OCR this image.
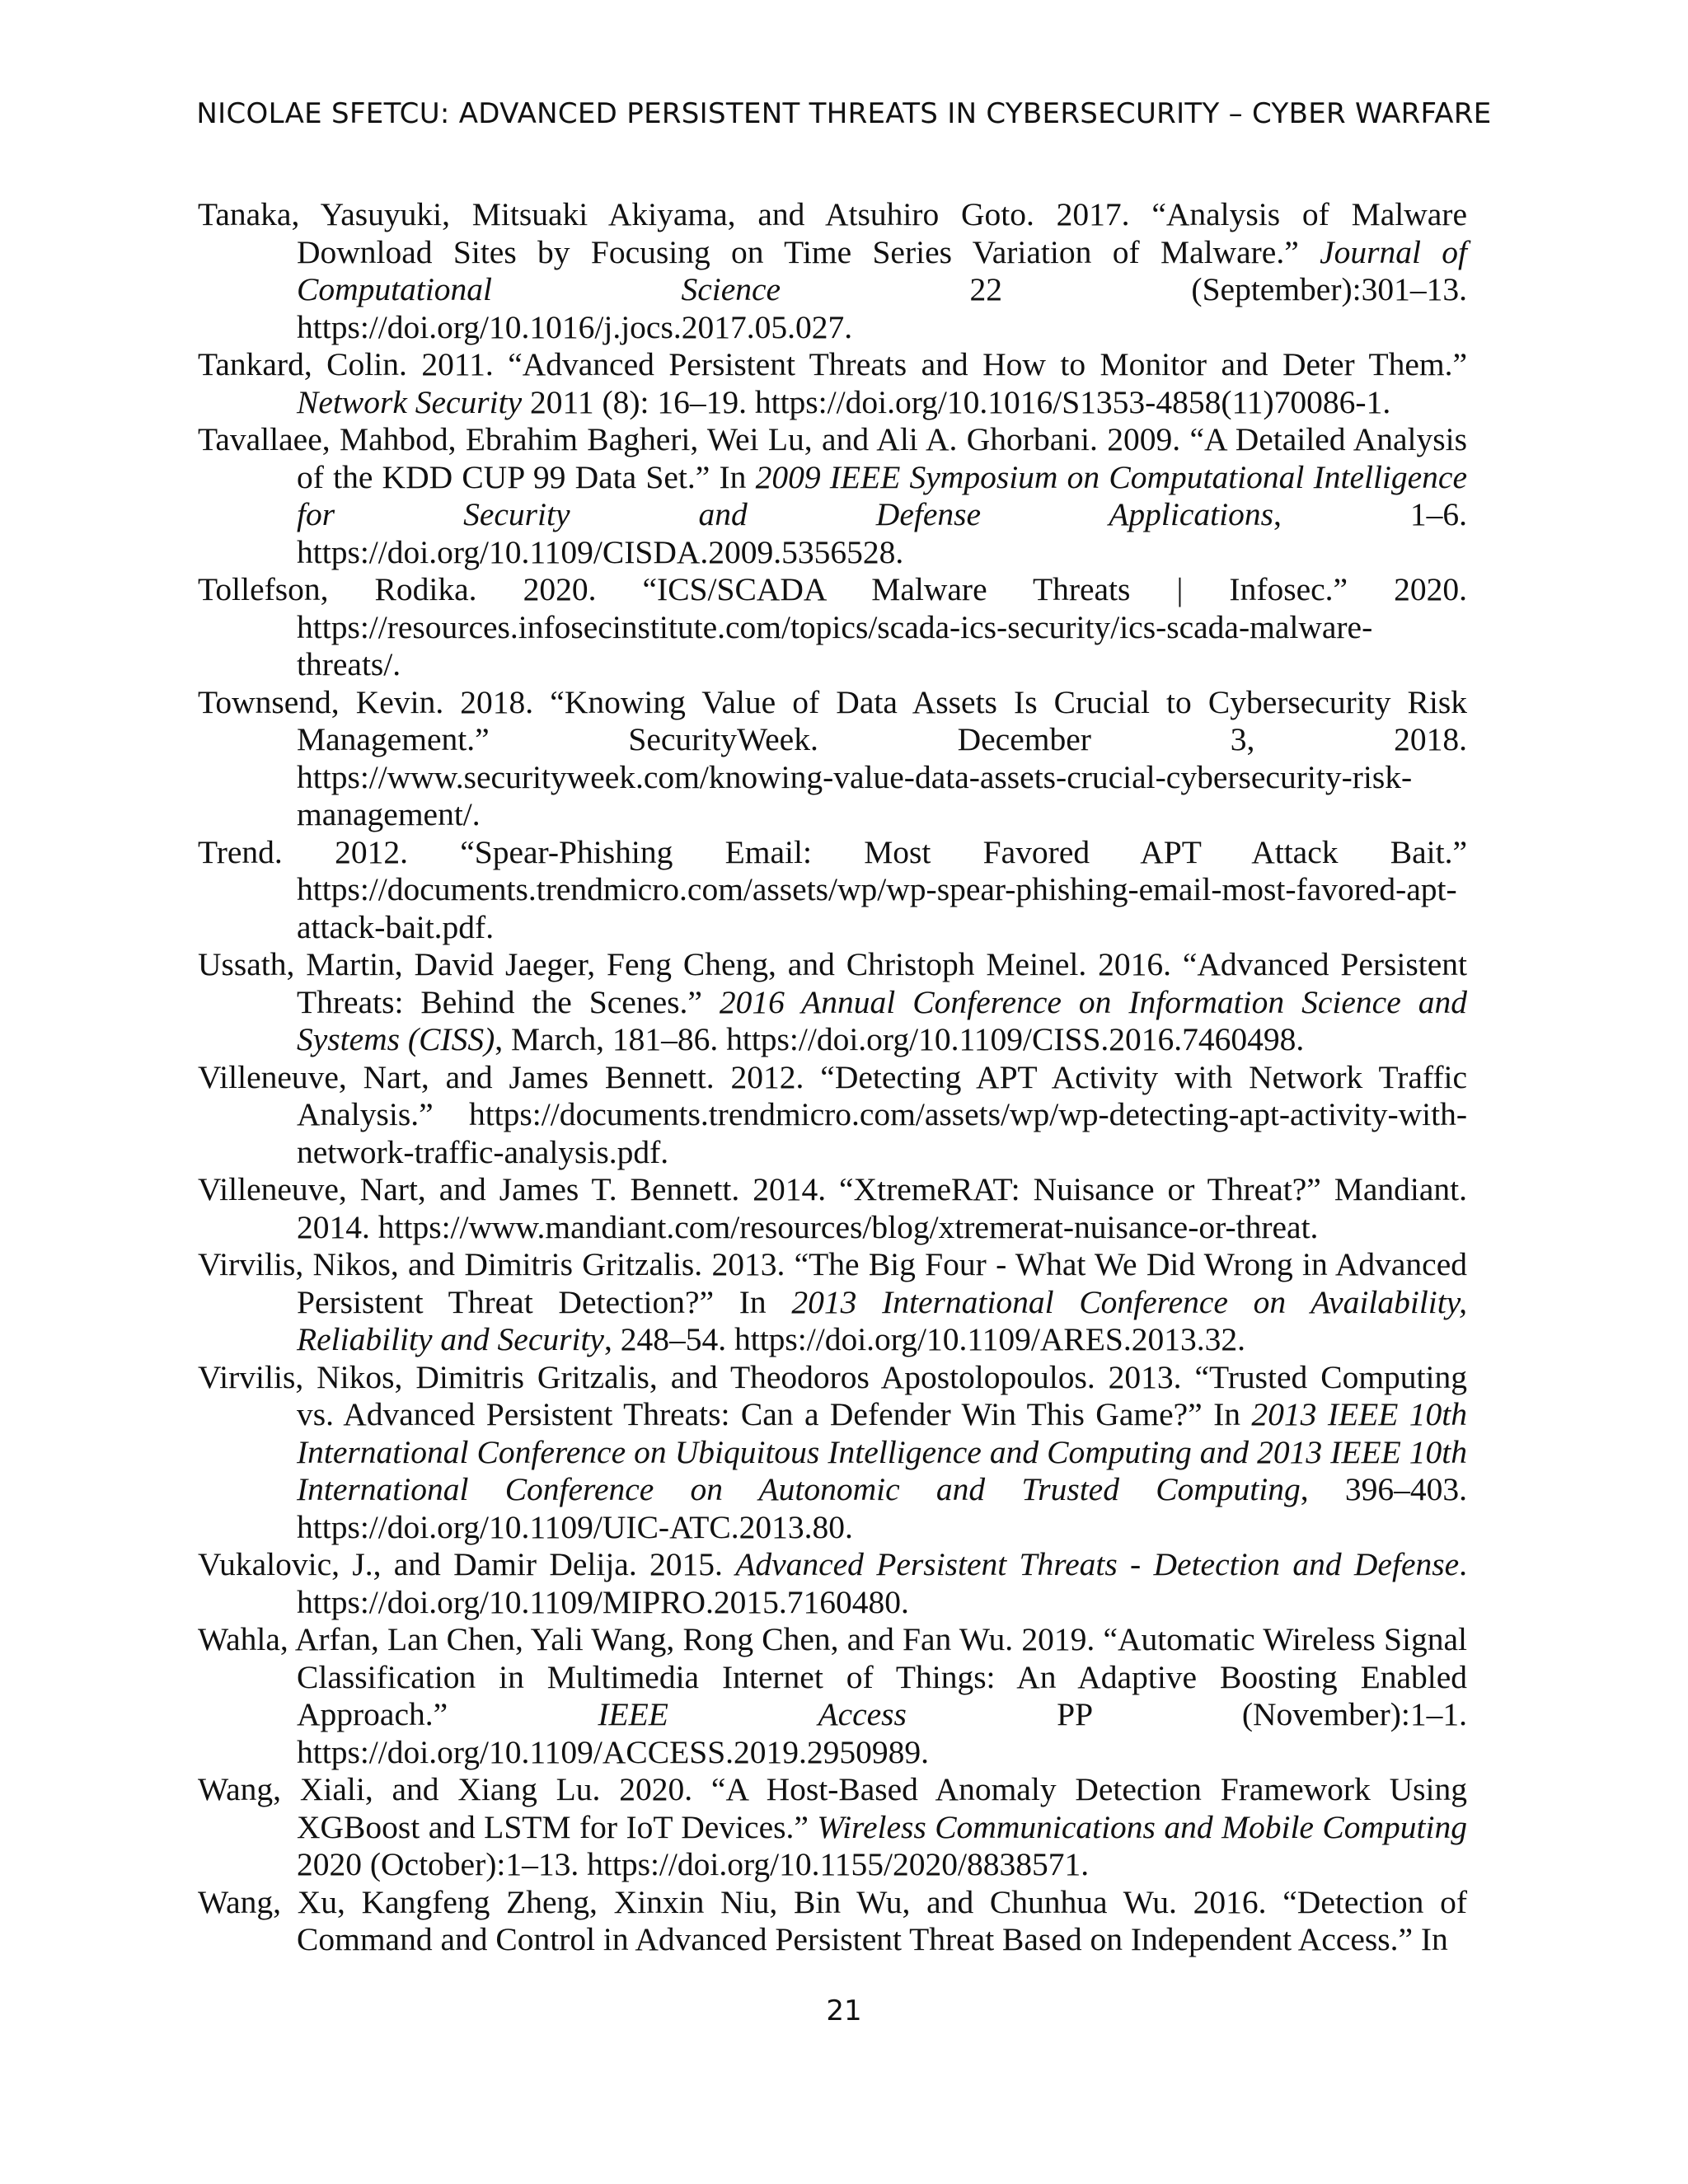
NICOLAE SFETCU: ADVANCED PERSISTENT THREATS IN CYBERSECURITY – CYBER WARFARE

Tanaka, Yasuyuki, Mitsuaki Akiyama, and Atsuhiro Goto. 2017. “Analysis of Malware Download Sites by Focusing on Time Series Variation of Malware.” Journal of Computational Science 22 (September):301–13. https://doi.org/10.1016/j.jocs.2017.05.027.

Tankard, Colin. 2011. “Advanced Persistent Threats and How to Monitor and Deter Them.” Network Security 2011 (8): 16–19. https://doi.org/10.1016/S1353-4858(11)70086-1.

Tavallaee, Mahbod, Ebrahim Bagheri, Wei Lu, and Ali A. Ghorbani. 2009. “A Detailed Analysis of the KDD CUP 99 Data Set.” In 2009 IEEE Symposium on Computational Intelligence for Security and Defense Applications, 1–6. https://doi.org/10.1109/CISDA.2009.5356528.

Tollefson, Rodika. 2020. “ICS/SCADA Malware Threats | Infosec.” 2020. https://resources.infosecinstitute.com/topics/scada-ics-security/ics-scada-malware-threats/.

Townsend, Kevin. 2018. “Knowing Value of Data Assets Is Crucial to Cybersecurity Risk Management.” SecurityWeek. December 3, 2018. https://www.securityweek.com/knowing-value-data-assets-crucial-cybersecurity-risk-management/.

Trend. 2012. “Spear-Phishing Email: Most Favored APT Attack Bait.” https://documents.trendmicro.com/assets/wp/wp-spear-phishing-email-most-favored-apt-attack-bait.pdf.

Ussath, Martin, David Jaeger, Feng Cheng, and Christoph Meinel. 2016. “Advanced Persistent Threats: Behind the Scenes.” 2016 Annual Conference on Information Science and Systems (CISS), March, 181–86. https://doi.org/10.1109/CISS.2016.7460498.

Villeneuve, Nart, and James Bennett. 2012. “Detecting APT Activity with Network Traffic Analysis.” https://documents.trendmicro.com/assets/wp/wp-detecting-apt-activity-with-network-traffic-analysis.pdf.

Villeneuve, Nart, and James T. Bennett. 2014. “XtremeRAT: Nuisance or Threat?” Mandiant. 2014. https://www.mandiant.com/resources/blog/xtremerat-nuisance-or-threat.

Virvilis, Nikos, and Dimitris Gritzalis. 2013. “The Big Four - What We Did Wrong in Advanced Persistent Threat Detection?” In 2013 International Conference on Availability, Reliability and Security, 248–54. https://doi.org/10.1109/ARES.2013.32.

Virvilis, Nikos, Dimitris Gritzalis, and Theodoros Apostolopoulos. 2013. “Trusted Computing vs. Advanced Persistent Threats: Can a Defender Win This Game?” In 2013 IEEE 10th International Conference on Ubiquitous Intelligence and Computing and 2013 IEEE 10th International Conference on Autonomic and Trusted Computing, 396–403. https://doi.org/10.1109/UIC-ATC.2013.80.

Vukalovic, J., and Damir Delija. 2015. Advanced Persistent Threats - Detection and Defense. https://doi.org/10.1109/MIPRO.2015.7160480.

Wahla, Arfan, Lan Chen, Yali Wang, Rong Chen, and Fan Wu. 2019. “Automatic Wireless Signal Classification in Multimedia Internet of Things: An Adaptive Boosting Enabled Approach.” IEEE Access PP (November):1–1. https://doi.org/10.1109/ACCESS.2019.2950989.

Wang, Xiali, and Xiang Lu. 2020. “A Host-Based Anomaly Detection Framework Using XGBoost and LSTM for IoT Devices.” Wireless Communications and Mobile Computing 2020 (October):1–13. https://doi.org/10.1155/2020/8838571.

Wang, Xu, Kangfeng Zheng, Xinxin Niu, Bin Wu, and Chunhua Wu. 2016. “Detection of Command and Control in Advanced Persistent Threat Based on Independent Access.” In

21
